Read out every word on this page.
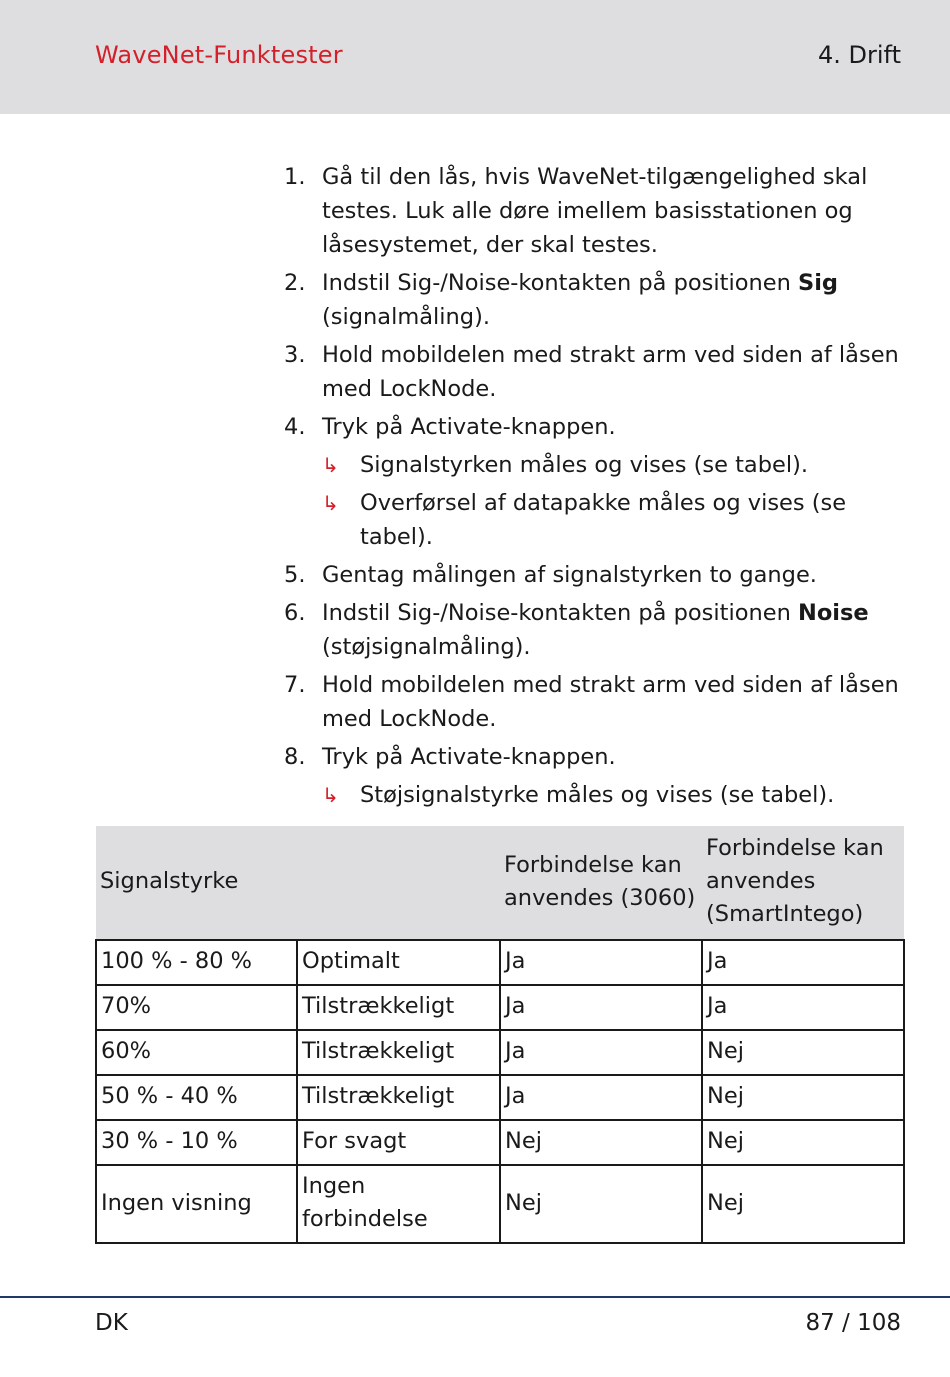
WaveNet-Funktester	4. Drift
1. Gå til den lås, hvis WaveNet-tilgængelighed skal testes. Luk alle døre imellem basisstationen og låsesystemet, der skal testes.
2. Indstil Sig-/Noise-kontakten på positionen Sig (signalmåling).
3. Hold mobildelen med strakt arm ved siden af låsen med LockNode.
4. Tryk på Activate-knappen.
↳ Signalstyrken måles og vises (se tabel).
↳ Overførsel af datapakke måles og vises (se tabel).
5. Gentag målingen af signalstyrken to gange.
6. Indstil Sig-/Noise-kontakten på positionen Noise (støjsignalmåling).
7. Hold mobildelen med strakt arm ved siden af låsen med LockNode.
8. Tryk på Activate-knappen.
↳ Støjsignalstyrke måles og vises (se tabel).
Signalstyrke		Forbindelse kan anvendes (3060)	Forbindelse kan anvendes (SmartIntego)
100 % - 80 %	Optimalt	Ja	Ja
70%	Tilstrækkeligt	Ja	Ja
60%	Tilstrækkeligt	Ja	Nej
50 % - 40 %	Tilstrækkeligt	Ja	Nej
30 % - 10 %	For svagt	Nej	Nej
Ingen visning	Ingen forbindelse	Nej	Nej
DK	87 / 108
